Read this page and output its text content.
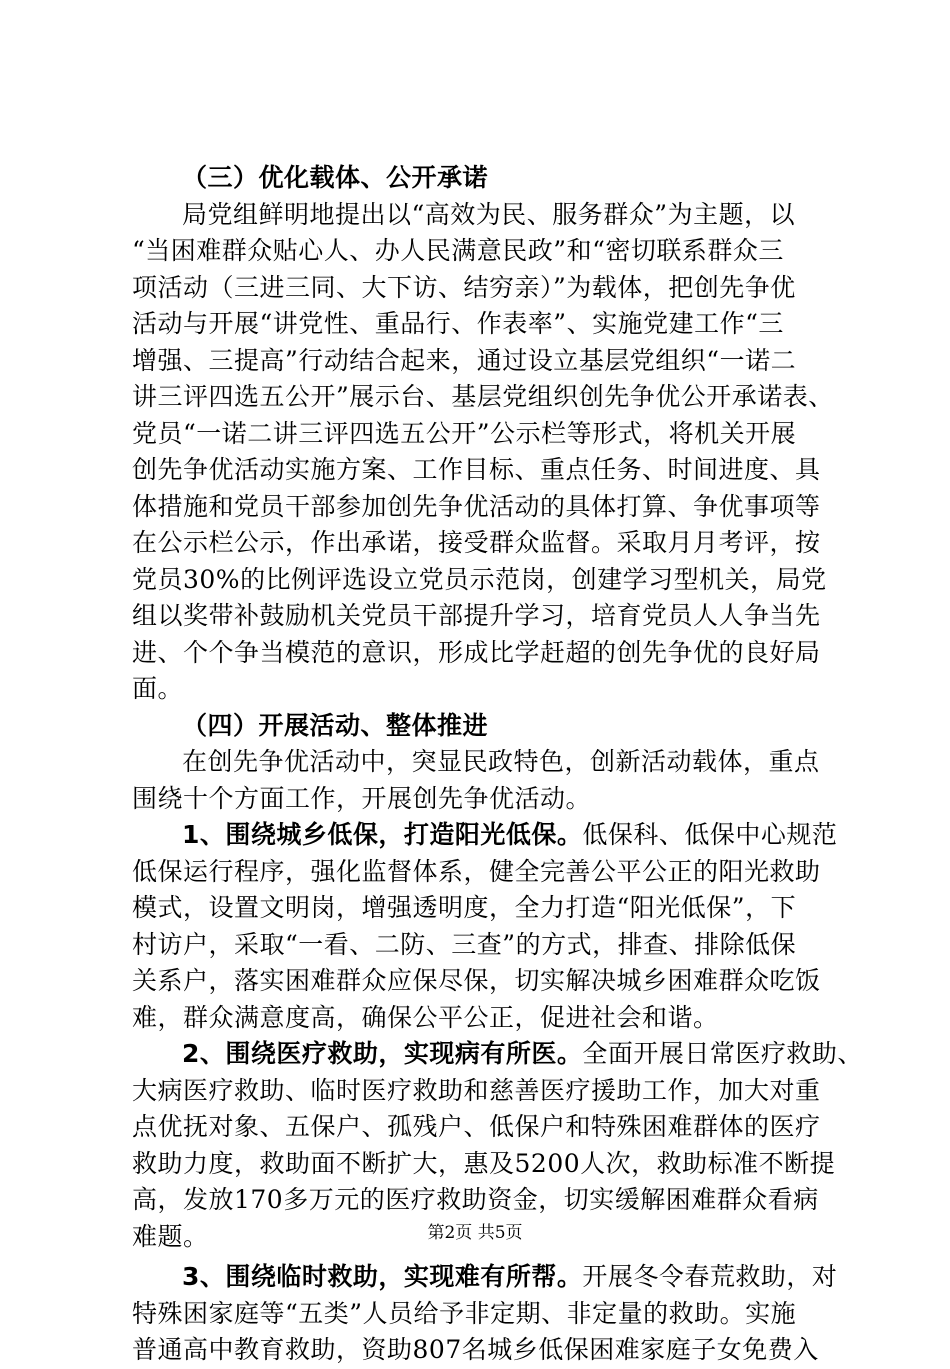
（三）优化载体、公开承诺
局党组鲜明地提出以“高效为民、服务群众”为主题，以
“当困难群众贴心人、办人民满意民政”和“密切联系群众三
项活动（三进三同、大下访、结穷亲）”为载体，把创先争优
活动与开展“讲党性、重品行、作表率”、实施党建工作“三
增强、三提高”行动结合起来，通过设立基层党组织“一诺二
讲三评四选五公开”展示台、基层党组织创先争优公开承诺表、
党员“一诺二讲三评四选五公开”公示栏等形式，将机关开展
创先争优活动实施方案、工作目标、重点任务、时间进度、具
体措施和党员干部参加创先争优活动的具体打算、争优事项等
在公示栏公示，作出承诺，接受群众监督。采取月月考评，按
党员30%的比例评选设立党员示范岗，创建学习型机关，局党
组以奖带补鼓励机关党员干部提升学习，培育党员人人争当先
进、个个争当模范的意识，形成比学赶超的创先争优的良好局
面。
（四）开展活动、整体推进
在创先争优活动中，突显民政特色，创新活动载体，重点
围绕十个方面工作，开展创先争优活动。
1、围绕城乡低保，打造阳光低保。低保科、低保中心规范
低保运行程序，强化监督体系，健全完善公平公正的阳光救助
模式，设置文明岗，增强透明度，全力打造“阳光低保”，下
村访户，采取“一看、二防、三查”的方式，排查、排除低保
关系户，落实困难群众应保尽保，切实解决城乡困难群众吃饭
难，群众满意度高，确保公平公正，促进社会和谐。
2、围绕医疗救助，实现病有所医。全面开展日常医疗救助、
大病医疗救助、临时医疗救助和慈善医疗援助工作，加大对重
点优抚对象、五保户、孤残户、低保户和特殊困难群体的医疗
救助力度，救助面不断扩大，惠及5200人次，救助标准不断提
高，发放170多万元的医疗救助资金，切实缓解困难群众看病
难题。
3、围绕临时救助，实现难有所帮。开展冬令春荒救助，对
特殊困家庭等“五类”人员给予非定期、非定量的救助。实施
普通高中教育救助，资助807名城乡低保困难家庭子女免费入
第2页 共5页
